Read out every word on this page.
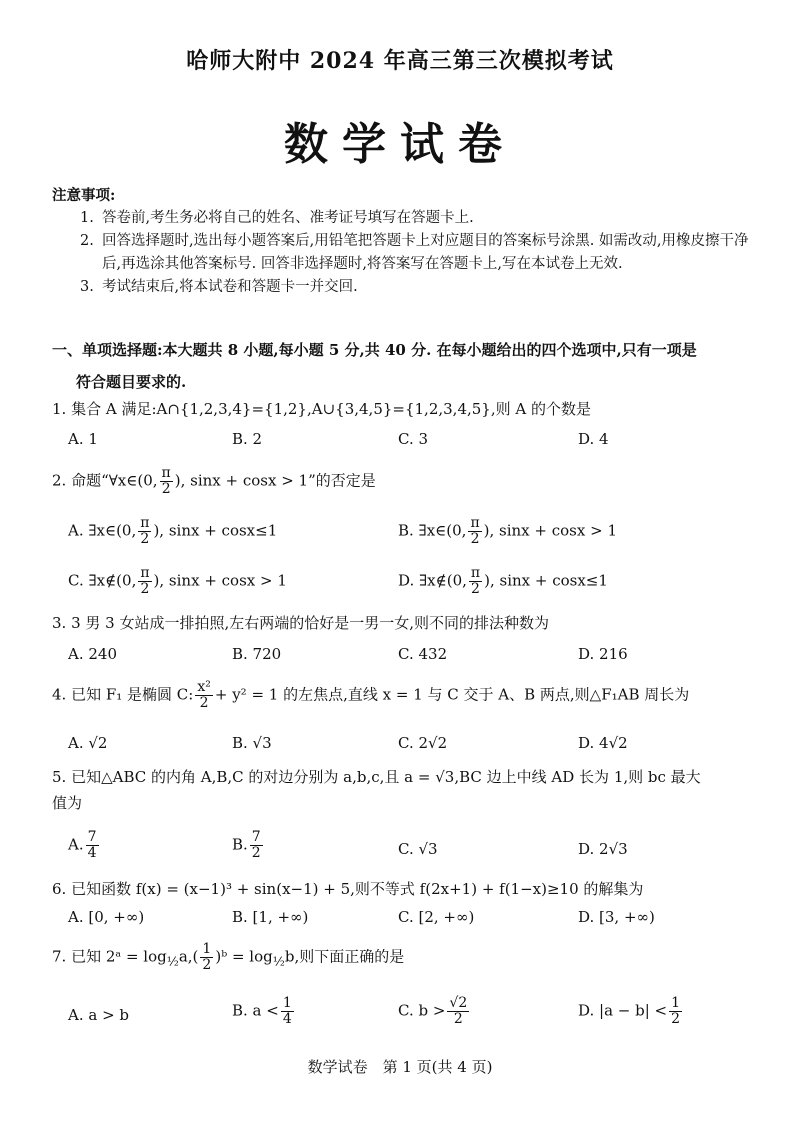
哈师大附中 2024 年高三第三次模拟考试
数学试卷
注意事项:
1. 答卷前,考生务必将自己的姓名、准考证号填写在答题卡上.
2. 回答选择题时,选出每小题答案后,用铅笔把答题卡上对应题目的答案标号涂黑. 如需改动,用橡皮擦干净后,再选涂其他答案标号. 回答非选择题时,将答案写在答题卡上,写在本试卷上无效.
3. 考试结束后,将本试卷和答题卡一并交回.
一、单项选择题:本大题共 8 小题,每小题 5 分,共 40 分. 在每小题给出的四个选项中,只有一项是
符合题目要求的.
1. 集合 A 满足:A∩{1,2,3,4}={1,2},A∪{3,4,5}={1,2,3,4,5},则 A 的个数是
A. 1	B. 2	C. 3	D. 4
2. 命题“∀x∈(0, $\frac{\pi}{2}$ ), sinx + cosx > 1”的否定是
A. ∃x∈(0, $\frac{\pi}{2}$ ), sinx + cosx≤1	B. ∃x∈(0, $\frac{\pi}{2}$ ), sinx + cosx > 1
C. ∃x∉(0, $\frac{\pi}{2}$ ), sinx + cosx > 1	D. ∃x∉(0, $\frac{\pi}{2}$ ), sinx + cosx≤1
3. 3 男 3 女站成一排拍照,左右两端的恰好是一男一女,则不同的排法种数为
A. 240	B. 720	C. 432	D. 216
4. 已知 F₁ 是椭圆 C: $\frac{\text{x²}}{2} + y^2 = 1$ 的左焦点,直线 x = 1 与 C 交于 A、B 两点,则△F₁AB 周长为
A. √2	B. √3	C. 2√2	D. 4√2
5. 已知△ABC 的内角 A,B,C 的对边分别为 a,b,c,且 a = √3,BC 边上中线 AD 长为 1,则 bc 最大
值为
A. $\frac{7}{4}$	B. $\frac{7}{2}$	C. √3	D. 2√3
6. 已知函数 f(x) = (x−1)³ + sin(x−1) + 5,则不等式 f(2x+1) + f(1−x)≥10 的解集为
A. [0, +∞)	B. [1, +∞)	C. [2, +∞)	D. [3, +∞)
7. 已知 2ᵃ = $\log_{\frac{1}{2}}a,( \frac{1}{2}$ )ᵇ = $\log_{\frac{1}{2}}b$,则下面正确的是
A. a > b	B. $a < \frac{1}{4}$	C. $b > \frac{√2}{2}$	D. $|a - b| < \frac{1}{2}$
数学试卷　第 1 页(共 4 页)
